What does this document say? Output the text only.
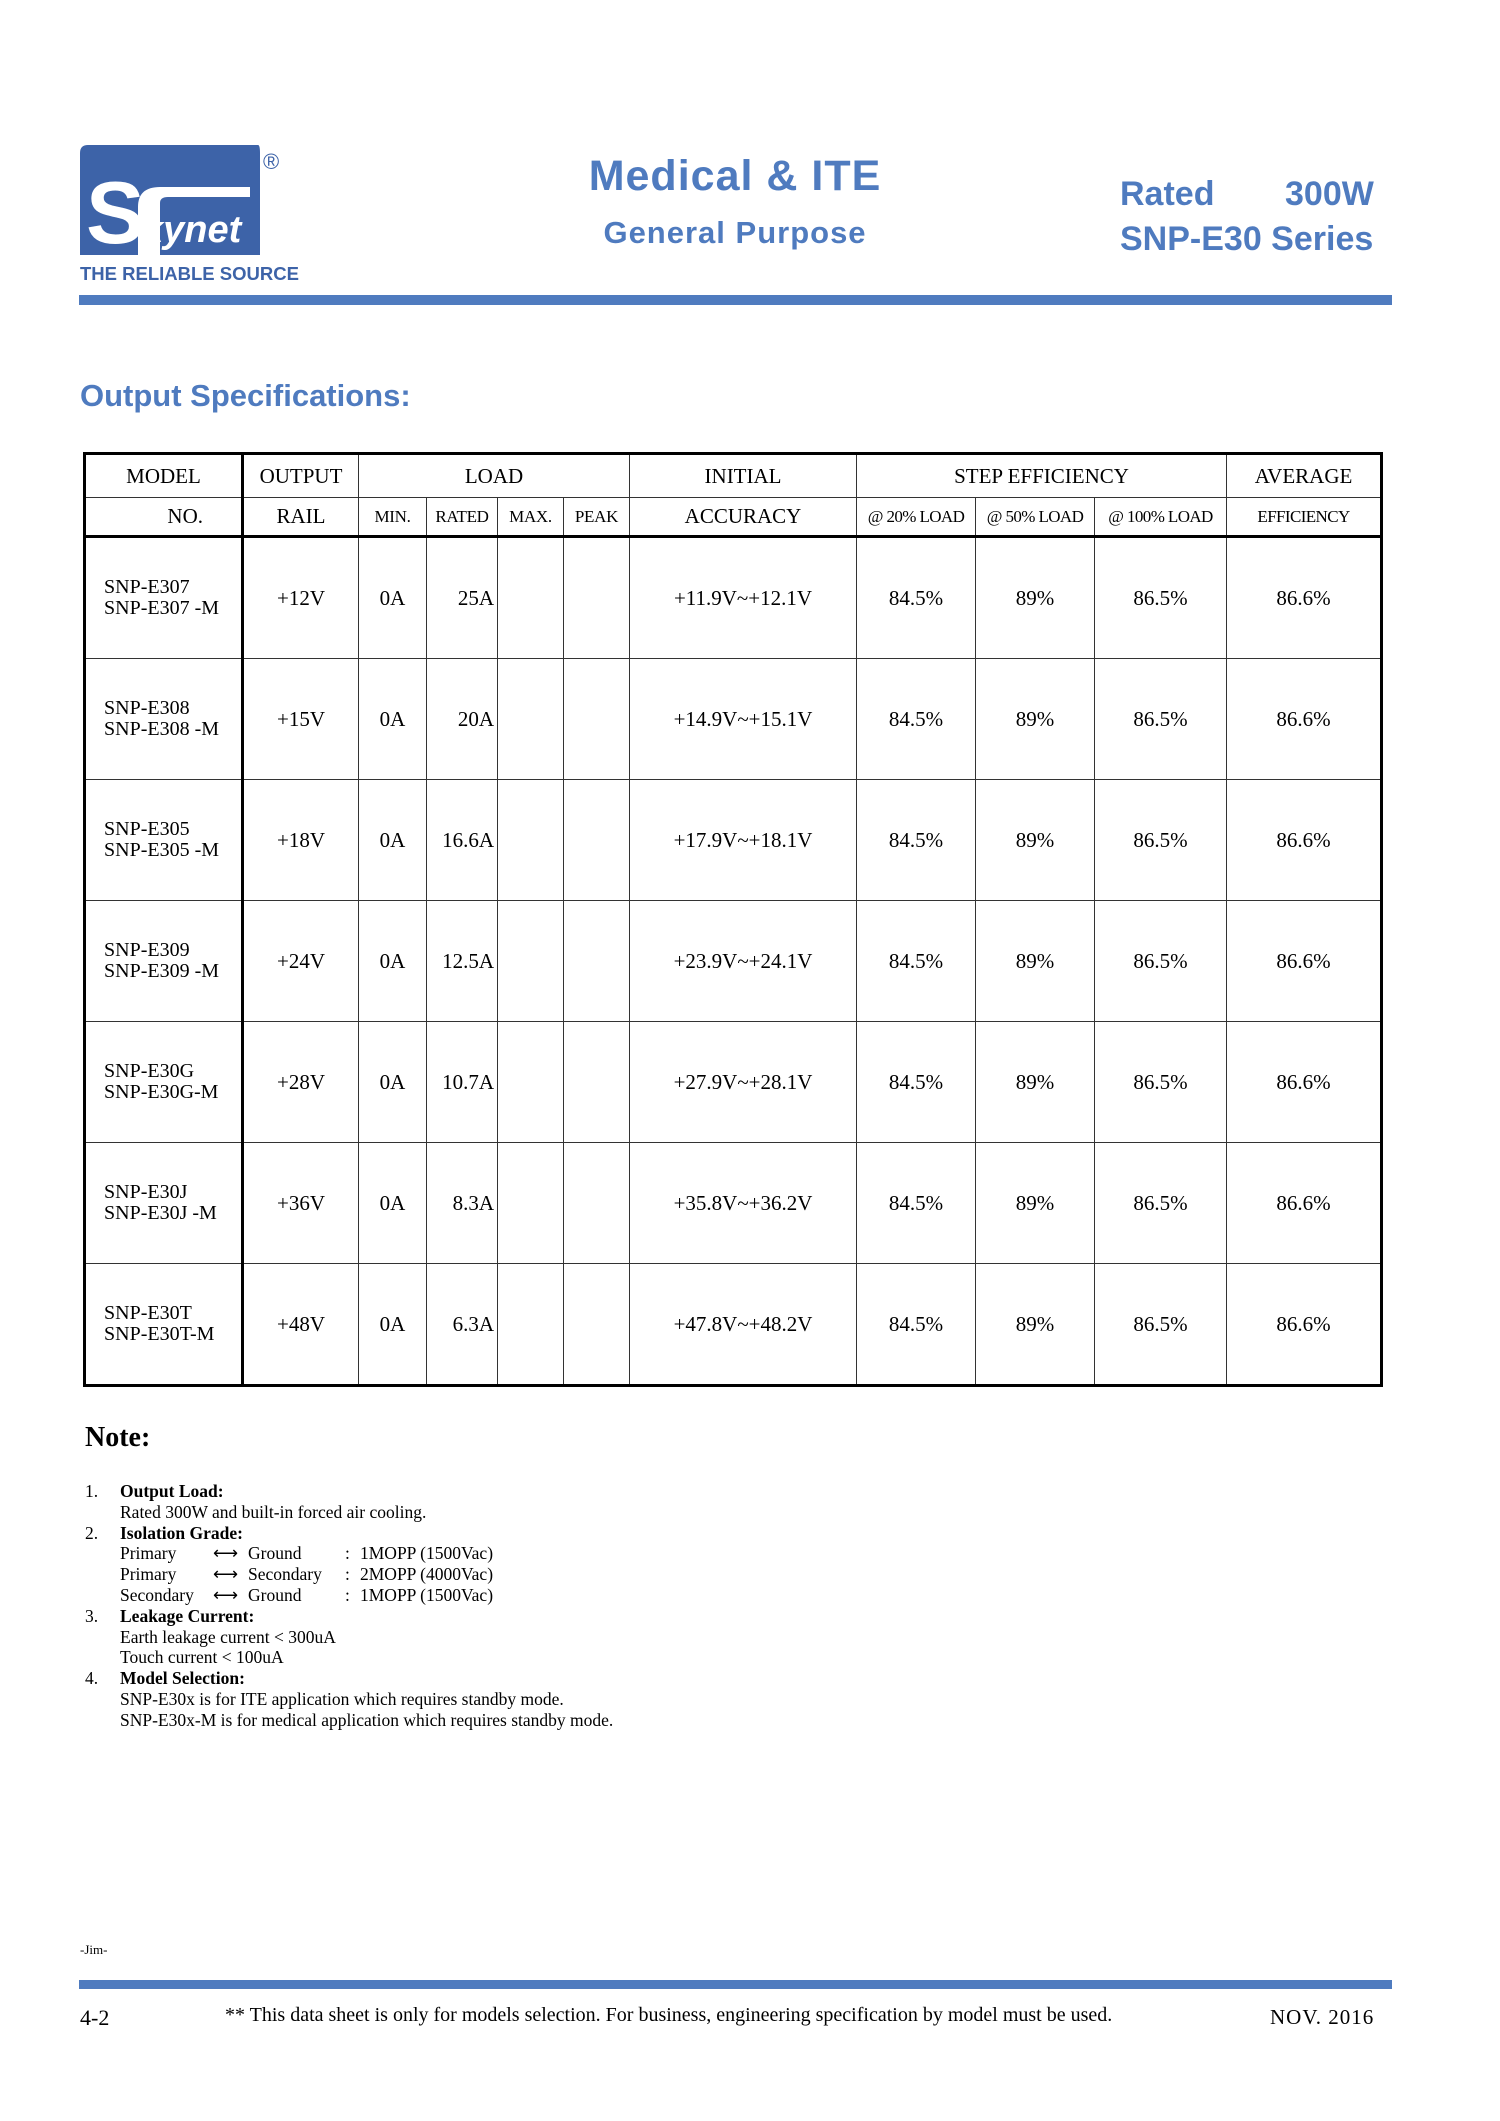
S
kynet
®
THE RELIABLE SOURCE
Medical & ITE
General Purpose
Rated 300W
SNP-E30 Series
Output Specifications:
MODEL	OUTPUT	LOAD				INITIAL	STEP EFFICIENCY			AVERAGE
NO.	RAIL	MIN.	RATED	MAX.	PEAK	ACCURACY	@ 20% LOAD	@ 50% LOAD	@ 100% LOAD	EFFICIENCY

SNP-E307
SNP-E307 -M	+12V	0A	25A			+11.9V~+12.1V	84.5%	89%	86.5%	86.6%

SNP-E308
SNP-E308 -M	+15V	0A	20A			+14.9V~+15.1V	84.5%	89%	86.5%	86.6%

SNP-E305
SNP-E305 -M	+18V	0A	16.6A			+17.9V~+18.1V	84.5%	89%	86.5%	86.6%

SNP-E309
SNP-E309 -M	+24V	0A	12.5A			+23.9V~+24.1V	84.5%	89%	86.5%	86.6%

SNP-E30G
SNP-E30G-M	+28V	0A	10.7A			+27.9V~+28.1V	84.5%	89%	86.5%	86.6%

SNP-E30J
SNP-E30J -M	+36V	0A	8.3A			+35.8V~+36.2V	84.5%	89%	86.5%	86.6%

SNP-E30T
SNP-E30T-M	+48V	0A	6.3A			+47.8V~+48.2V	84.5%	89%	86.5%	86.6%
Note:
1. Output Load:
Rated 300W and built-in forced air cooling.
2. Isolation Grade:
Primary ⟷ Ground : 1MOPP (1500Vac)
Primary ⟷ Secondary : 2MOPP (4000Vac)
Secondary ⟷ Ground : 1MOPP (1500Vac)
3. Leakage Current:
Earth leakage current < 300uA
Touch current < 100uA
4. Model Selection:
SNP-E30x is for ITE application which requires standby mode.
SNP-E30x-M is for medical application which requires standby mode.
-Jim-
4-2	** This data sheet is only for models selection. For business, engineering specification by model must be used.	NOV. 2016
